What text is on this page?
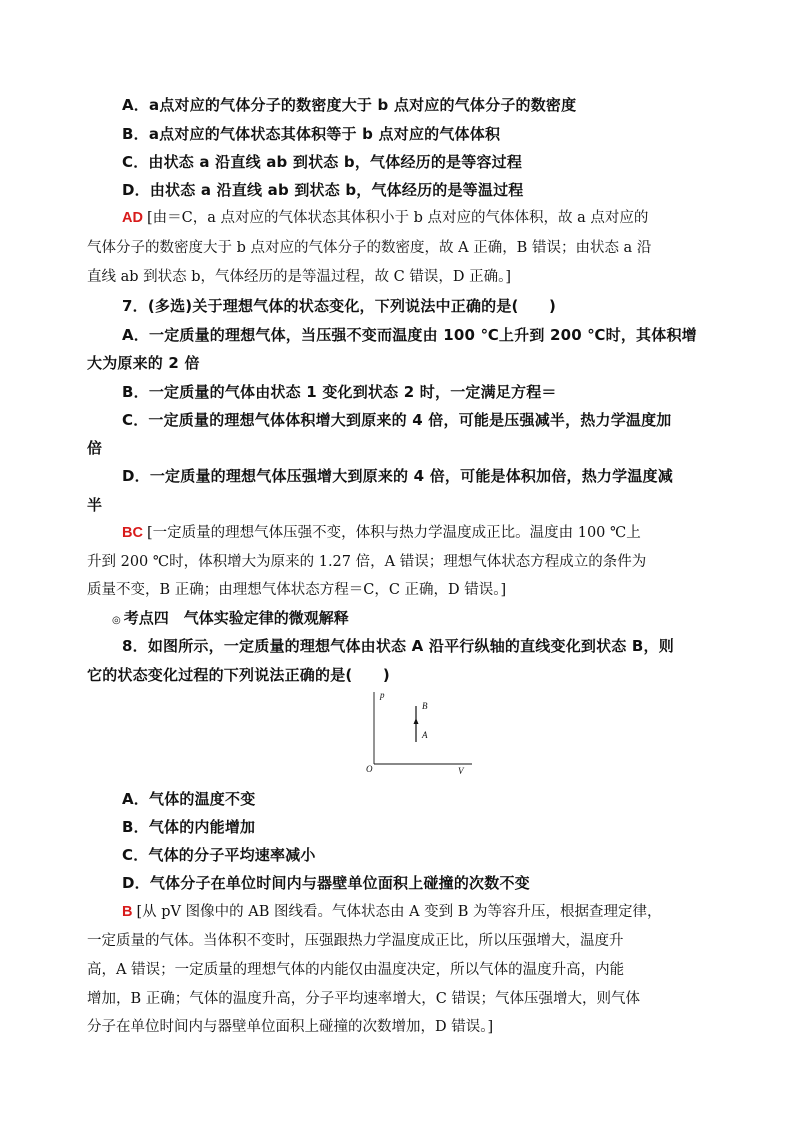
A．a点对应的气体分子的数密度大于 b 点对应的气体分子的数密度
B．a点对应的气体状态其体积等于 b 点对应的气体体积
C．由状态 a 沿直线 ab 到状态 b，气体经历的是等容过程
D．由状态 a 沿直线 ab 到状态 b，气体经历的是等温过程
AD [由＝C，a 点对应的气体状态其体积小于 b 点对应的气体体积，故 a 点对应的
气体分子的数密度大于 b 点对应的气体分子的数密度，故 A 正确，B 错误；由状态 a 沿
直线 ab 到状态 b，气体经历的是等温过程，故 C 错误，D 正确。]
7．(多选)关于理想气体的状态变化，下列说法中正确的是(　　)
A．一定质量的理想气体，当压强不变而温度由 100 ℃上升到 200 ℃时，其体积增
大为原来的 2 倍
B．一定质量的气体由状态 1 变化到状态 2 时，一定满足方程＝
C．一定质量的理想气体体积增大到原来的 4 倍，可能是压强减半，热力学温度加
倍
D．一定质量的理想气体压强增大到原来的 4 倍，可能是体积加倍，热力学温度减
半
BC [一定质量的理想气体压强不变，体积与热力学温度成正比。温度由 100 ℃上
升到 200 ℃时，体积增大为原来的 1.27 倍，A 错误；理想气体状态方程成立的条件为
质量不变，B 正确；由理想气体状态方程＝C，C 正确，D 错误。]
◎ 考点四　气体实验定律的微观解释
8．如图所示，一定质量的理想气体由状态 A 沿平行纵轴的直线变化到状态 B，则
它的状态变化过程的下列说法正确的是(　　)
p
V
O
B
A
A．气体的温度不变
B．气体的内能增加
C．气体的分子平均速率减小
D．气体分子在单位时间内与器壁单位面积上碰撞的次数不变
B [从 pV 图像中的 AB 图线看。气体状态由 A 变到 B 为等容升压，根据查理定律，
一定质量的气体。当体积不变时，压强跟热力学温度成正比，所以压强增大，温度升
高，A 错误；一定质量的理想气体的内能仅由温度决定，所以气体的温度升高，内能
增加，B 正确；气体的温度升高，分子平均速率增大，C 错误；气体压强增大，则气体
分子在单位时间内与器壁单位面积上碰撞的次数增加，D 错误。]
